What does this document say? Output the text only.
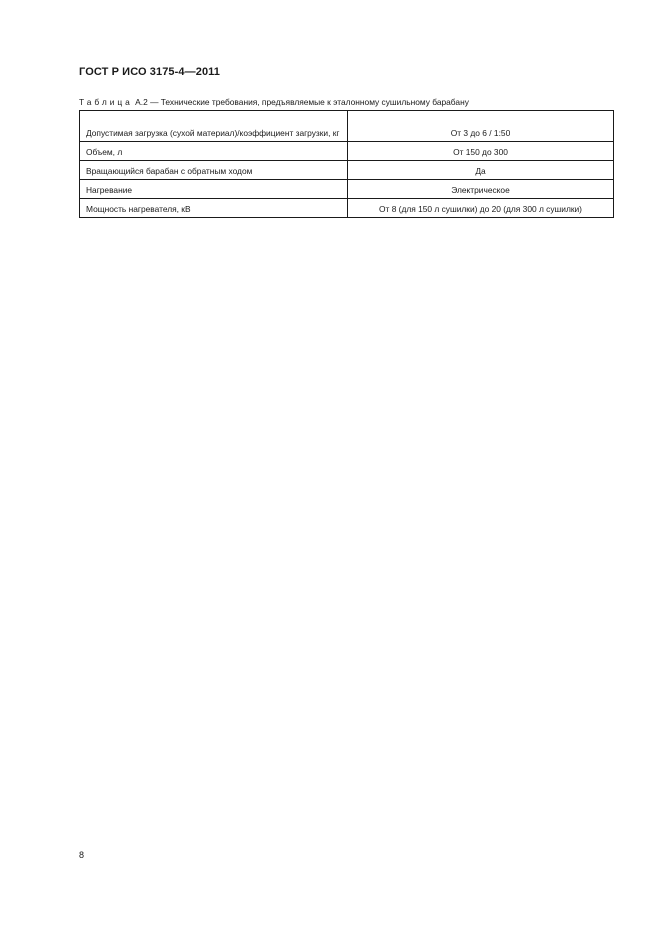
ГОСТ Р ИСО 3175-4—2011
Таблица А.2 — Технические требования, предъявляемые к эталонному сушильному барабану
Допустимая загрузка (сухой материал)/коэффициент загрузки, кг	От 3 до 6 / 1:50
Объем, л	От 150 до 300
Вращающийся барабан с обратным ходом	Да
Нагревание	Электрическое
Мощность нагревателя, кВ	От 8 (для 150 л сушилки) до 20 (для 300 л сушилки)
8
